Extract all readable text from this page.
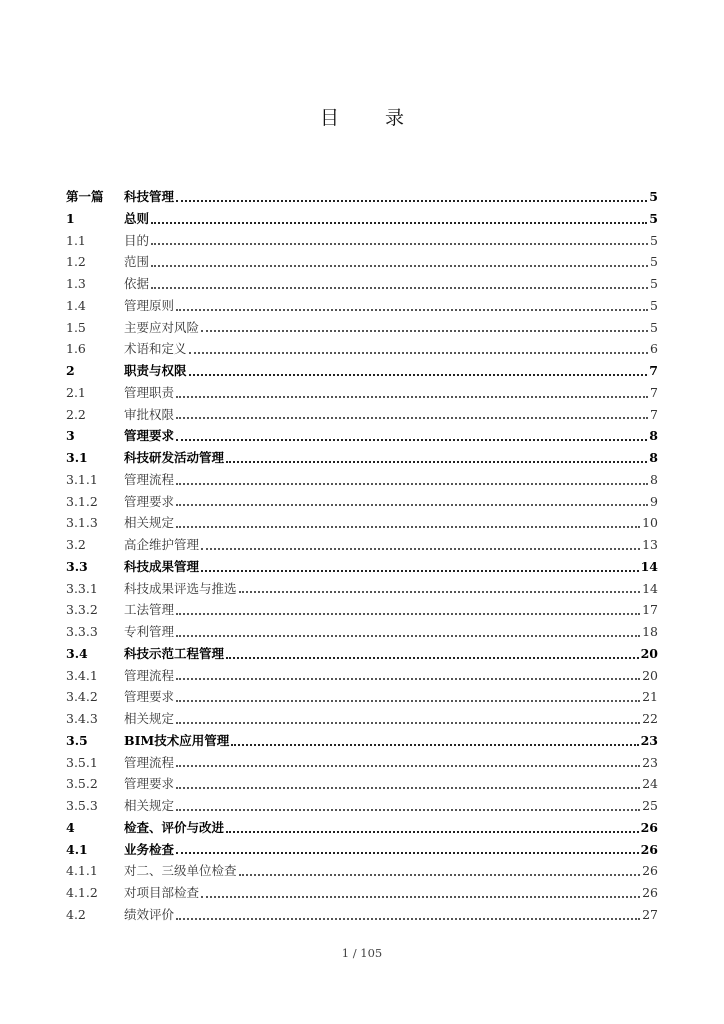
目 录
第一篇	科技管理	5
1	总则	5
1.1	目的	5
1.2	范围	5
1.3	依据	5
1.4	管理原则	5
1.5	主要应对风险	5
1.6	术语和定义	6
2	职责与权限	7
2.1	管理职责	7
2.2	审批权限	7
3	管理要求	8
3.1	科技研发活动管理	8
3.1.1	管理流程	8
3.1.2	管理要求	9
3.1.3	相关规定	10
3.2	高企维护管理	13
3.3	科技成果管理	14
3.3.1	科技成果评选与推选	14
3.3.2	工法管理	17
3.3.3	专利管理	18
3.4	科技示范工程管理	20
3.4.1	管理流程	20
3.4.2	管理要求	21
3.4.3	相关规定	22
3.5	BIM技术应用管理	23
3.5.1	管理流程	23
3.5.2	管理要求	24
3.5.3	相关规定	25
4	检查、评价与改进	26
4.1	业务检查	26
4.1.1	对二、三级单位检查	26
4.1.2	对项目部检查	26
4.2	绩效评价	27
1 / 105
